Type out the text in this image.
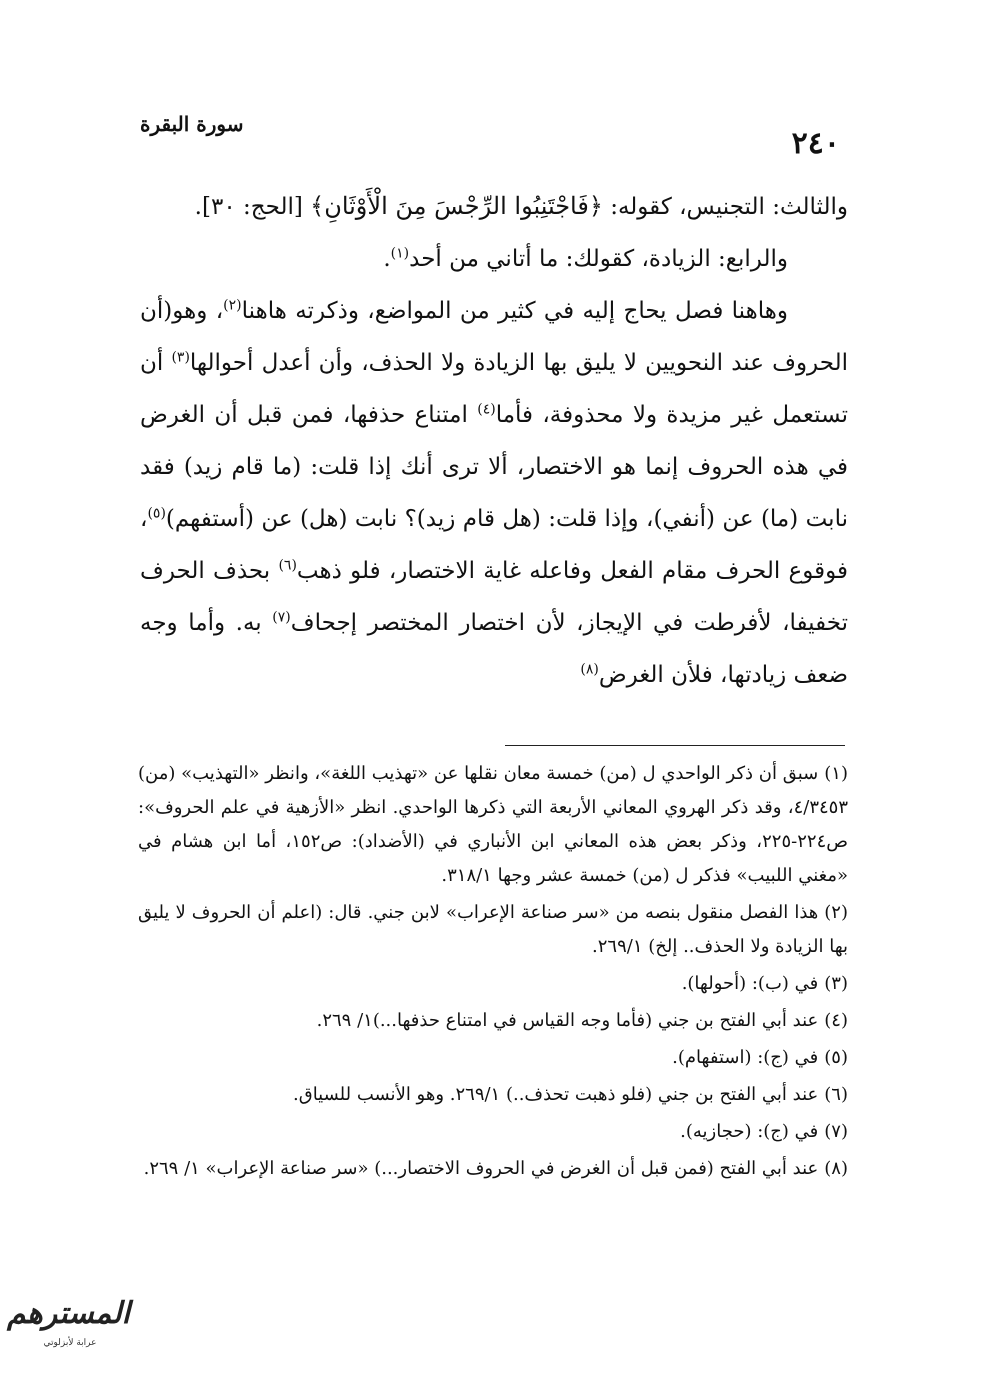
٢٤٠
سورة البقرة

والثالث: التجنيس، كقوله: ﴿فَاجْتَنِبُوا الرِّجْسَ مِنَ الْأَوْثَانِ﴾ [الحج: ٣٠].

والرابع: الزيادة، كقولك: ما أتاني من أحد$^{(١)}$.

وهاهنا فصل يحاج إليه في كثير من المواضع، وذكرته هاهنا$^{(٢)}$، وهو(أن الحروف عند النحويين لا يليق بها الزيادة ولا الحذف، وأن أعدل أحوالها$^{(٣)}$ أن تستعمل غير مزيدة ولا محذوفة، فأما$^{(٤)}$ امتناع حذفها، فمن قبل أن الغرض في هذه الحروف إنما هو الاختصار، ألا ترى أنك إذا قلت: (ما قام زيد) فقد نابت (ما) عن (أنفي)، وإذا قلت: (هل قام زيد)؟ نابت (هل) عن (أستفهم)$^{(٥)}$، فوقوع الحرف مقام الفعل وفاعله غاية الاختصار، فلو ذهب$^{(٦)}$ بحذف الحرف تخفيفا، لأفرطت في الإيجاز، لأن اختصار المختصر إجحاف$^{(٧)}$ به. وأما وجه ضعف زيادتها، فلأن الغرض$^{(٨)}$

(١)سبق أن ذكر الواحدي ل (من) خمسة معان نقلها عن «تهذيب اللغة»، وانظر «التهذيب» (من) ٤/٣٤٥٣، وقد ذكر الهروي المعاني الأربعة التي ذكرها الواحدي. انظر «الأزهية في علم الحروف»: ص٢٢٤-٢٢٥، وذكر بعض هذه المعاني ابن الأنباري في (الأضداد): ص١٥٢، أما ابن هشام في «مغني اللبيب» فذكر ل (من) خمسة عشر وجها ٣١٨/١.

(٢)هذا الفصل منقول بنصه من «سر صناعة الإعراب» لابن جني. قال: (اعلم أن الحروف لا يليق بها الزيادة ولا الحذف.. إلخ) ٢٦٩/١.

(٣)في (ب): (أحولها).

(٤)عند أبي الفتح بن جني (فأما وجه القياس في امتناع حذفها...)١/ ٢٦٩.

(٥)في (ج): (استفهام).

(٦)عند أبي الفتح بن جني (فلو ذهبت تحذف..) ٢٦٩/١. وهو الأنسب للسياق.

(٧)في (ج): (حجازيه).

(٨)عند أبي الفتح (فمن قبل أن الغرض في الحروف الاختصار...) «سر صناعة الإعراب» ١/ ٢٦٩.

المسترهم
عرابة لأبزلوتي
